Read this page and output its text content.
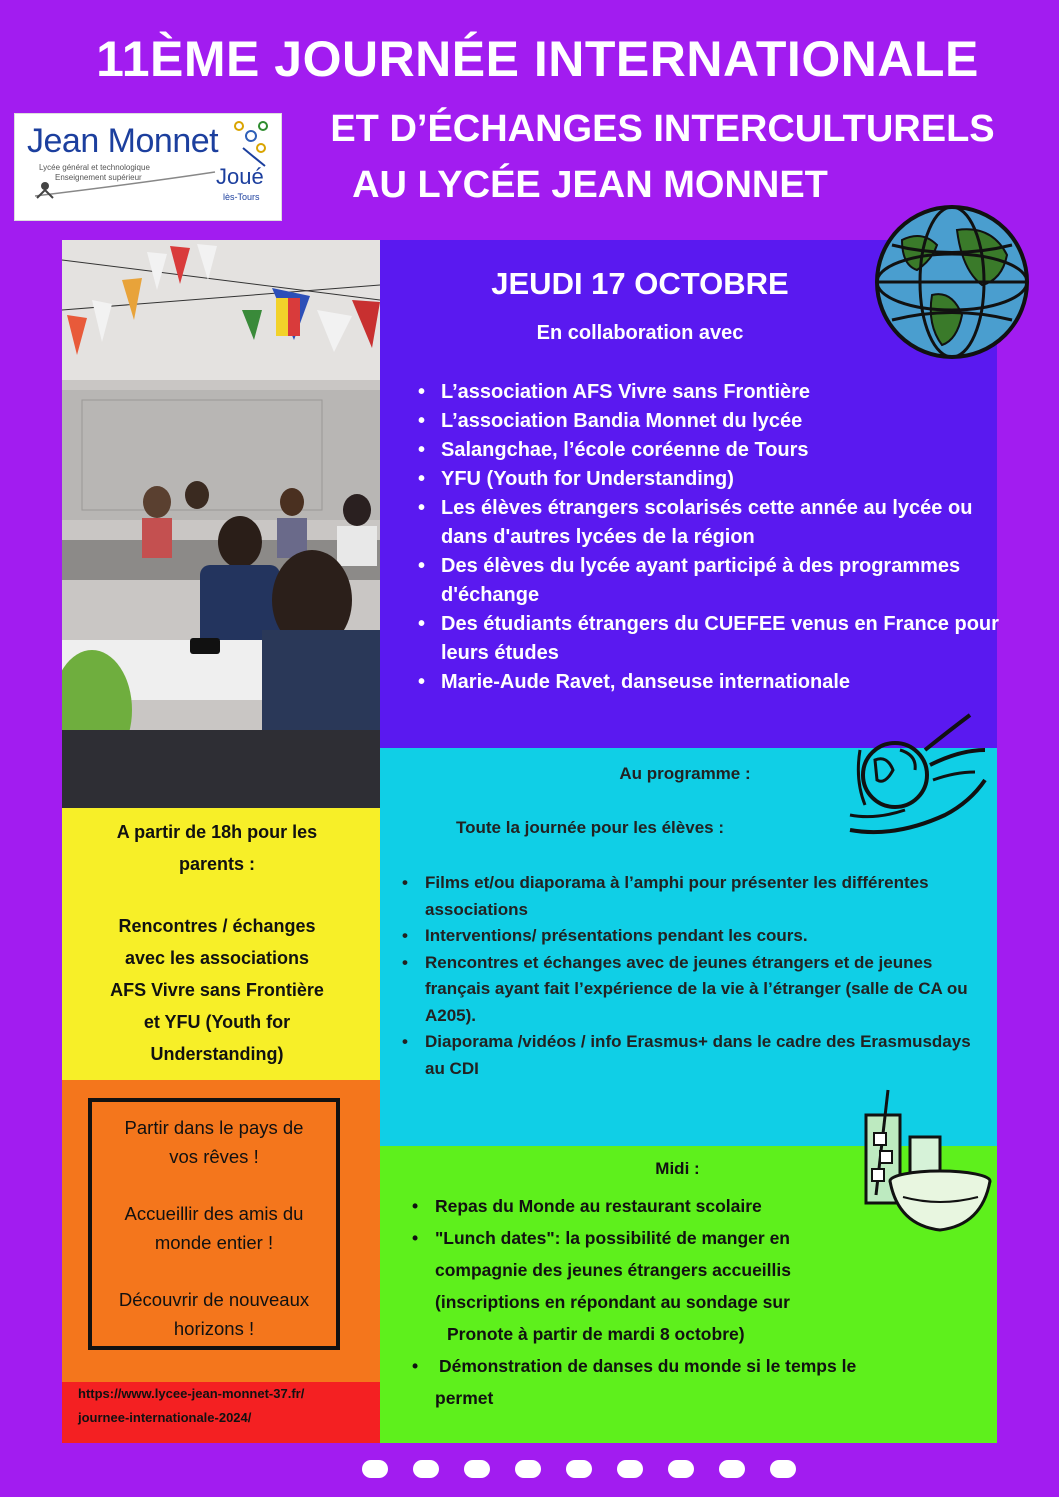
11ÈME JOURNÉE INTERNATIONALE
ET D’ÉCHANGES INTERCULTURELS
AU LYCÉE JEAN MONNET
Jean Monnet
Lycée général et technologique
Enseignement supérieur	Joué
lès-Tours
JEUDI 17 OCTOBRE
En collaboration avec
• L’association AFS Vivre sans Frontière
• L’association Bandia Monnet du lycée
• Salangchae, l’école coréenne de Tours
• YFU (Youth for Understanding)
• Les élèves étrangers scolarisés cette année au lycée ou dans d'autres lycées de la région
• Des élèves du lycée ayant participé à des programmes d'échange
• Des étudiants étrangers du CUEFEE venus en France pour leurs études
• Marie-Aude Ravet, danseuse internationale
Au programme :
Toute la journée pour les élèves :
• Films et/ou diaporama à l’amphi pour présenter les différentes associations
• Interventions/ présentations pendant les cours.
• Rencontres et échanges avec de jeunes étrangers et de jeunes français ayant fait l’expérience de la vie à l’étranger (salle de CA ou A205).
• Diaporama /vidéos / info Erasmus+ dans le cadre des Erasmusdays au CDI
Midi :
• Repas du Monde au restaurant scolaire
• "Lunch dates": la possibilité de manger en
compagnie des jeunes étrangers accueillis
(inscriptions en répondant au sondage sur
Pronote à partir de mardi 8 octobre)
• Démonstration de danses du monde si le temps le
permet
A partir de 18h pour les
parents :
Rencontres / échanges
avec les associations
AFS Vivre sans Frontière
et YFU (Youth for
Understanding)

Partir dans le pays de
vos rêves !

Accueillir des amis du
monde entier !

Découvrir de nouveaux
horizons !

https://www.lycee-jean-monnet-37.fr/
journee-internationale-2024/
